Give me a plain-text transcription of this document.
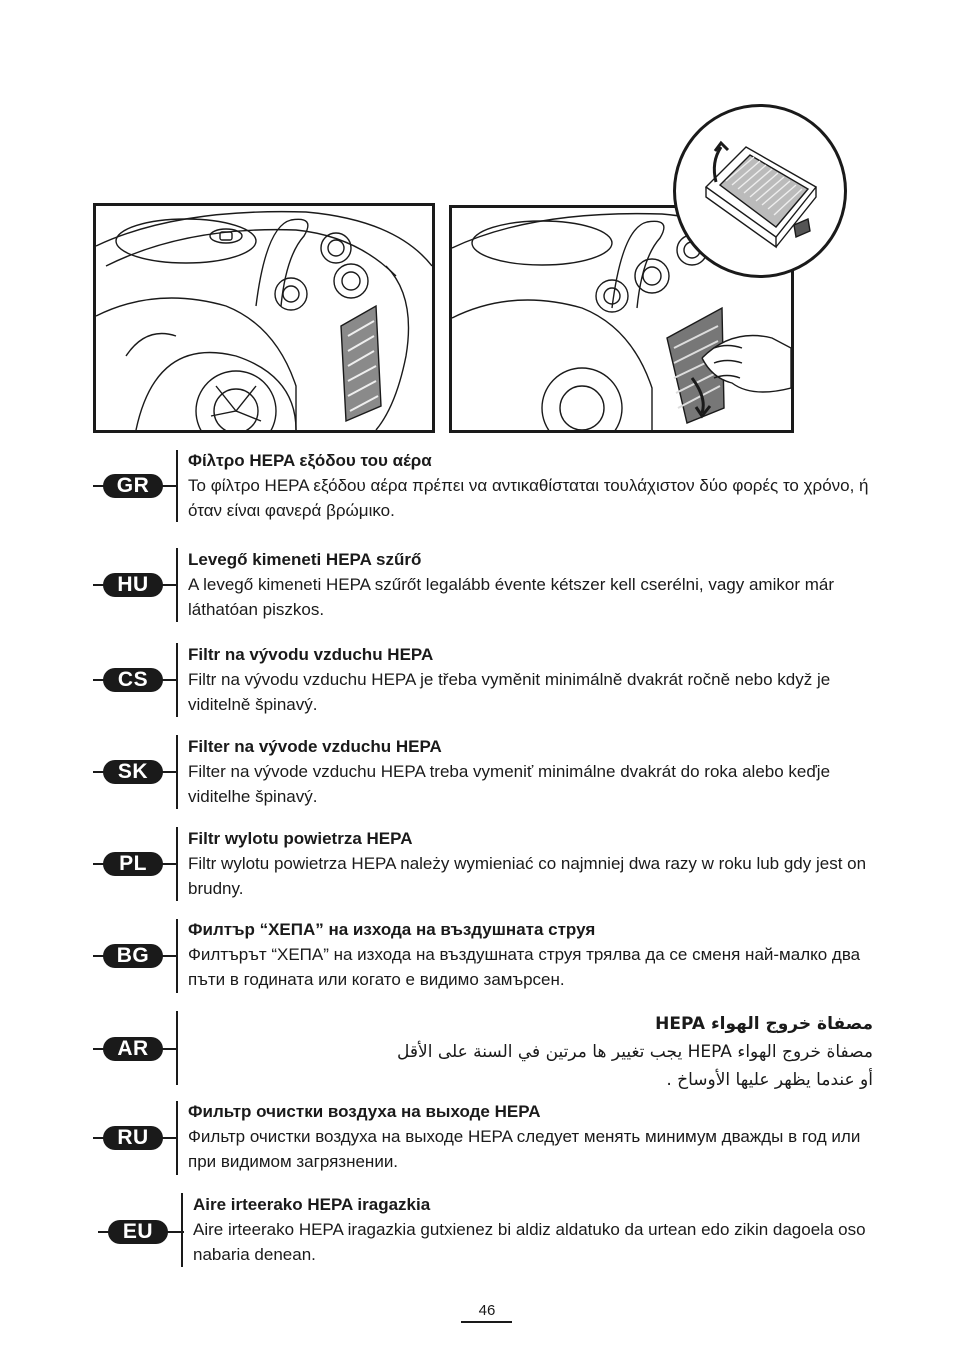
GR
Φίλτρο HEPA εξόδου του αέρα
Το φίλτρο HEPA εξόδου αέρα πρέπει να αντικαθίσταται τουλάχιστον δύο φορές το χρόνο, ή όταν είναι φανερά βρώμικο.
HU
Levegő kimeneti HEPA szűrő
A levegő kimeneti HEPA szűrőt legalább évente kétszer kell cserélni, vagy amikor már láthatóan piszkos.
CS
Filtr na vývodu vzduchu HEPA
Filtr na vývodu vzduchu HEPA je třeba vyměnit minimálně dvakrát ročně nebo když je viditelně špinavý.
SK
Filter na vývode vzduchu HEPA
Filter na vývode vzduchu HEPA treba vymeniť minimálne dvakrát do roka alebo keďje viditelhe špinavý.
PL
Filtr wylotu powietrza HEPA
Filtr wylotu powietrza HEPA należy wymieniać co najmniej dwa razy w roku lub gdy jest on brudny.
BG
Филтър “ХЕПА” на изхода на въздушната струя
Филтърът “ХЕПА” на изхода на въздушната струя трялва да се сменя най-малко два пъти в годината или когато е видимо замърсен.
AR
مصفاة خروج الهواء HEPA
مصفاة خروج الهواء HEPA يجب تغيير ها مرتين في السنة على الأقل
أو عندما يظهر عليها الأوساخ .
RU
Фильтр очистки воздуха на выходе HEPA
Фильтр очистки воздуха на выходе HEPA следует менять минимум дважды в год или при видимом загрязнении.
EU
Aire irteerako HEPA iragazkia
Aire irteerako HEPA iragazkia gutxienez bi aldiz aldatuko da urtean edo zikin dagoela oso nabaria denean.
46
